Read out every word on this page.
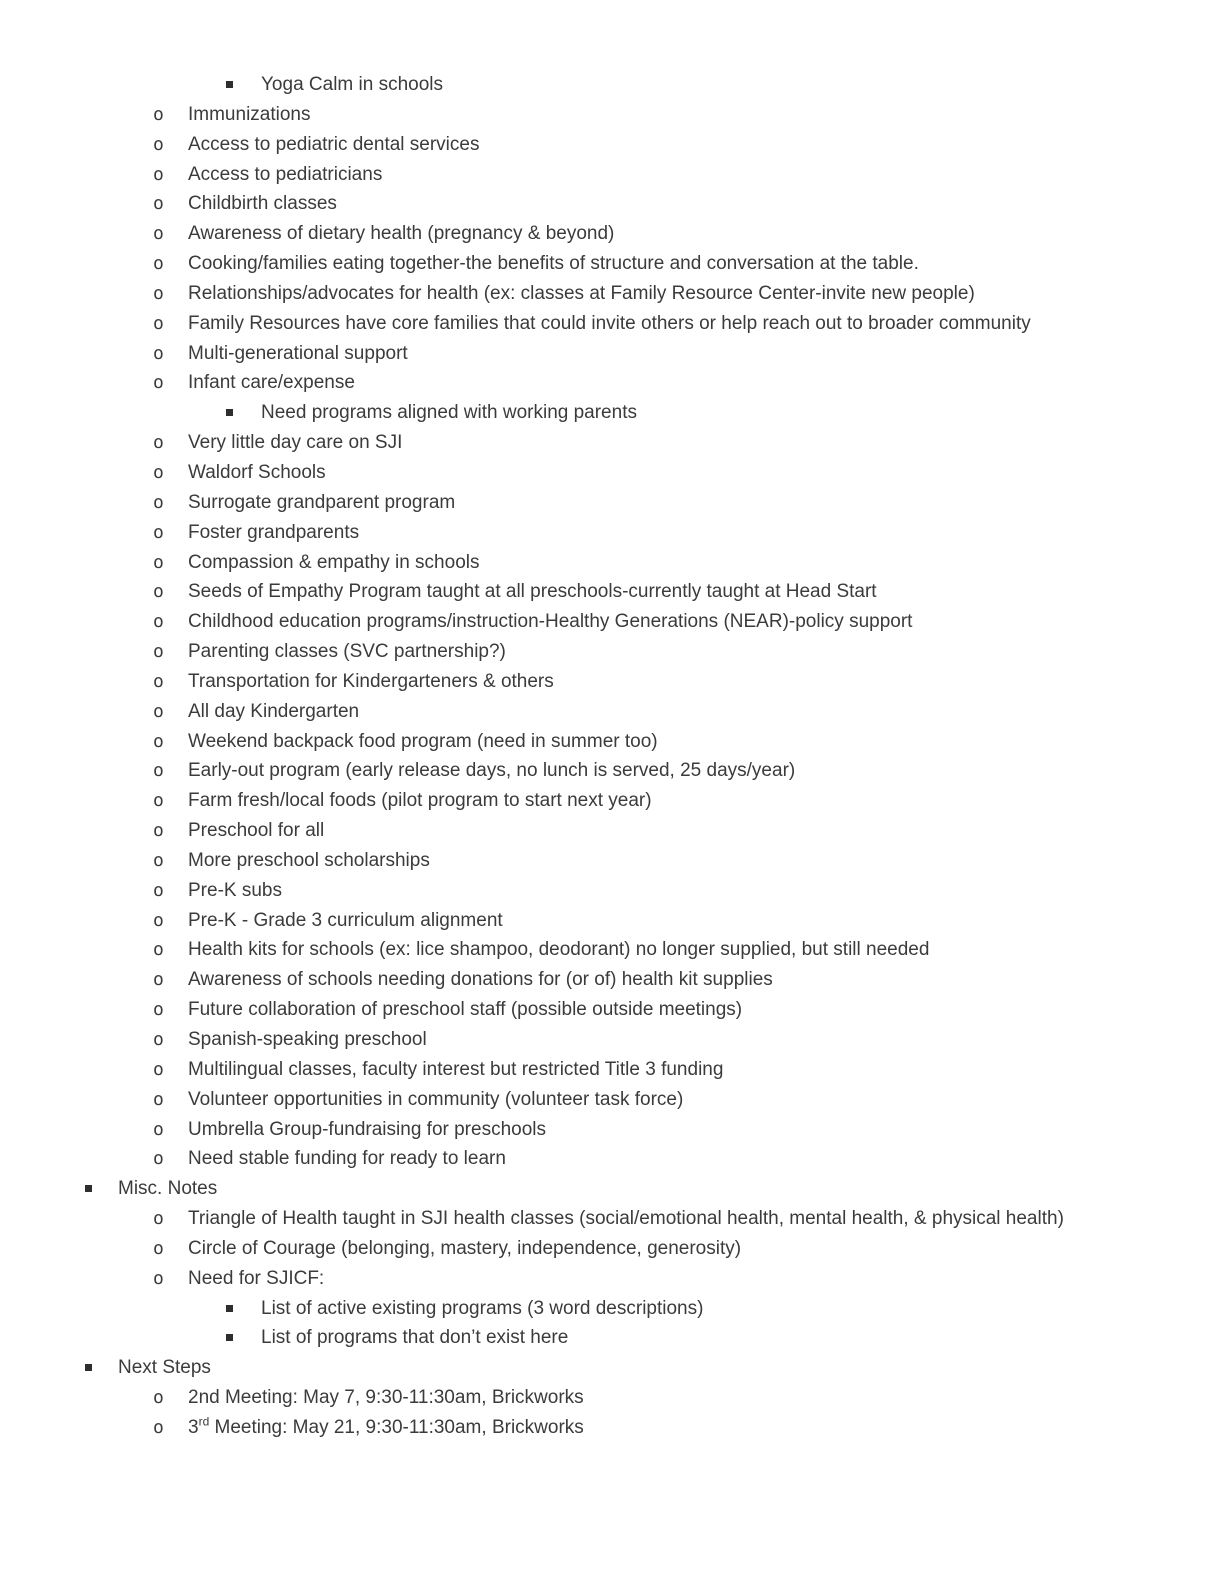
Yoga Calm in schools
o Immunizations
o Access to pediatric dental services
o Access to pediatricians
o Childbirth classes
o Awareness of dietary health (pregnancy & beyond)
o Cooking/families eating together-the benefits of structure and conversation at the table.
o Relationships/advocates for health (ex: classes at Family Resource Center-invite new people)
o Family Resources have core families that could invite others or help reach out to broader community
o Multi-generational support
o Infant care/expense
Need programs aligned with working parents
o Very little day care on SJI
o Waldorf Schools
o Surrogate grandparent program
o Foster grandparents
o Compassion & empathy in schools
o Seeds of Empathy Program taught at all preschools-currently taught at Head Start
o Childhood education programs/instruction-Healthy Generations (NEAR)-policy support
o Parenting classes (SVC partnership?)
o Transportation for Kindergarteners & others
o All day Kindergarten
o Weekend backpack food program (need in summer too)
o Early-out program (early release days, no lunch is served, 25 days/year)
o Farm fresh/local foods (pilot program to start next year)
o Preschool for all
o More preschool scholarships
o Pre-K subs
o Pre-K - Grade 3 curriculum alignment
o Health kits for schools (ex: lice shampoo, deodorant) no longer supplied, but still needed
o Awareness of schools needing donations for (or of) health kit supplies
o Future collaboration of preschool staff (possible outside meetings)
o Spanish-speaking preschool
o Multilingual classes, faculty interest but restricted Title 3 funding
o Volunteer opportunities in community (volunteer task force)
o Umbrella Group-fundraising for preschools
o Need stable funding for ready to learn
Misc. Notes
o Triangle of Health taught in SJI health classes (social/emotional health, mental health, & physical health)
o Circle of Courage (belonging, mastery, independence, generosity)
o Need for SJICF:
List of active existing programs (3 word descriptions)
List of programs that don’t exist here
Next Steps
o 2nd Meeting: May 7, 9:30-11:30am, Brickworks
o 3rd Meeting: May 21, 9:30-11:30am, Brickworks
